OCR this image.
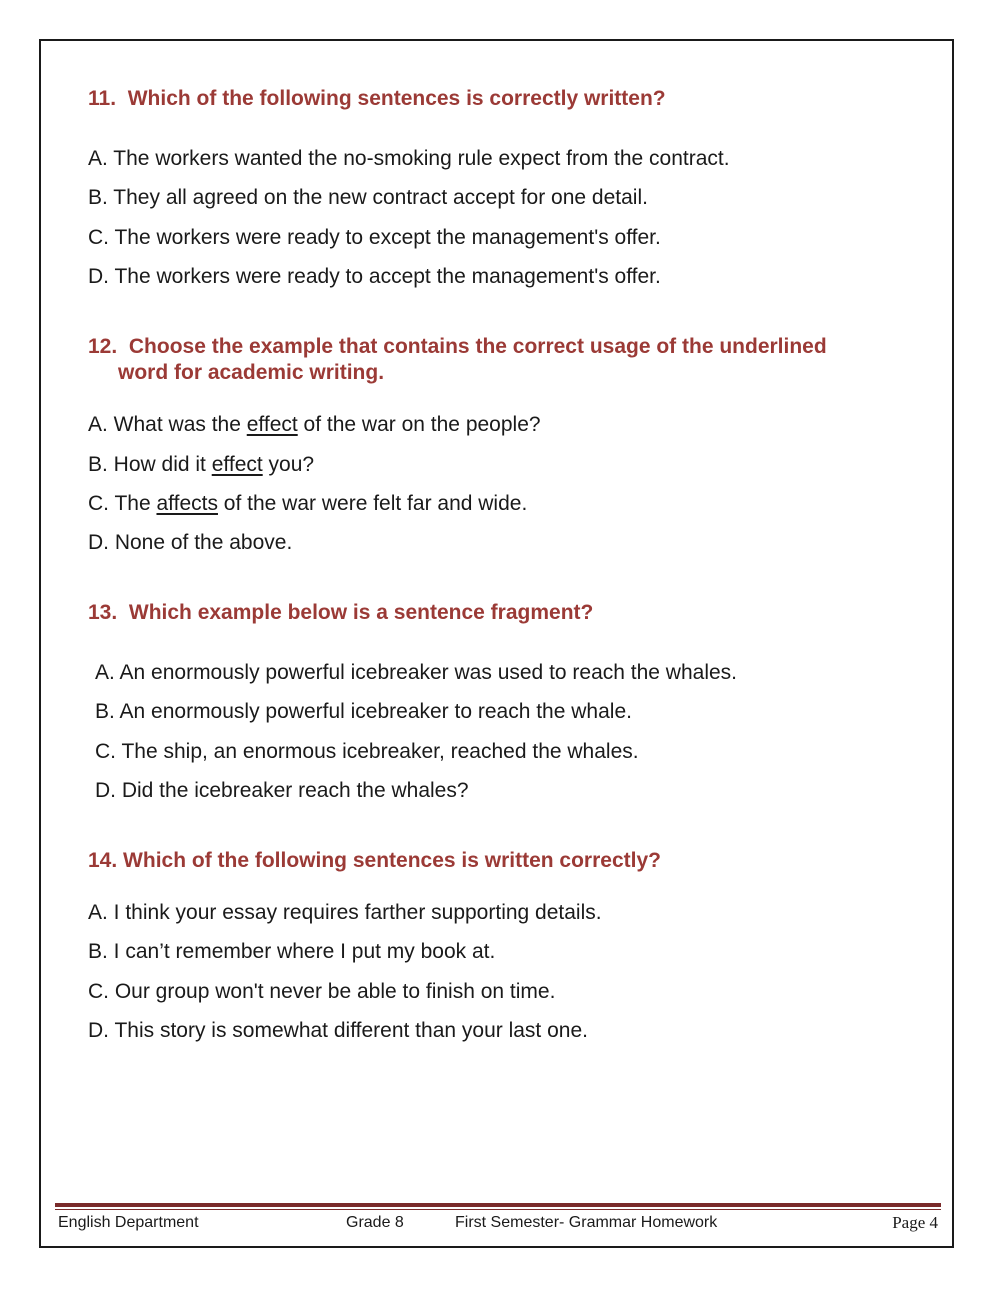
11. Which of the following sentences is correctly written?

A. The workers wanted the no-smoking rule expect from the contract.

B. They all agreed on the new contract accept for one detail.

C. The workers were ready to except the management's offer.

D. The workers were ready to accept the management's offer.

12. Choose the example that contains the correct usage of the underlined
word for academic writing.

A. What was the effect of the war on the people?

B. How did it effect you?

C. The affects of the war were felt far and wide.

D. None of the above.

13. Which example below is a sentence fragment?

A. An enormously powerful icebreaker was used to reach the whales.

B. An enormously powerful icebreaker to reach the whale.

C. The ship, an enormous icebreaker, reached the whales.

D. Did the icebreaker reach the whales?

14. Which of the following sentences is written correctly?

A. I think your essay requires farther supporting details.

B. I can’t remember where I put my book at.

C. Our group won't never be able to finish on time.

D. This story is somewhat different than your last one.

English Department	Grade 8	First Semester- Grammar Homework	Page 4
